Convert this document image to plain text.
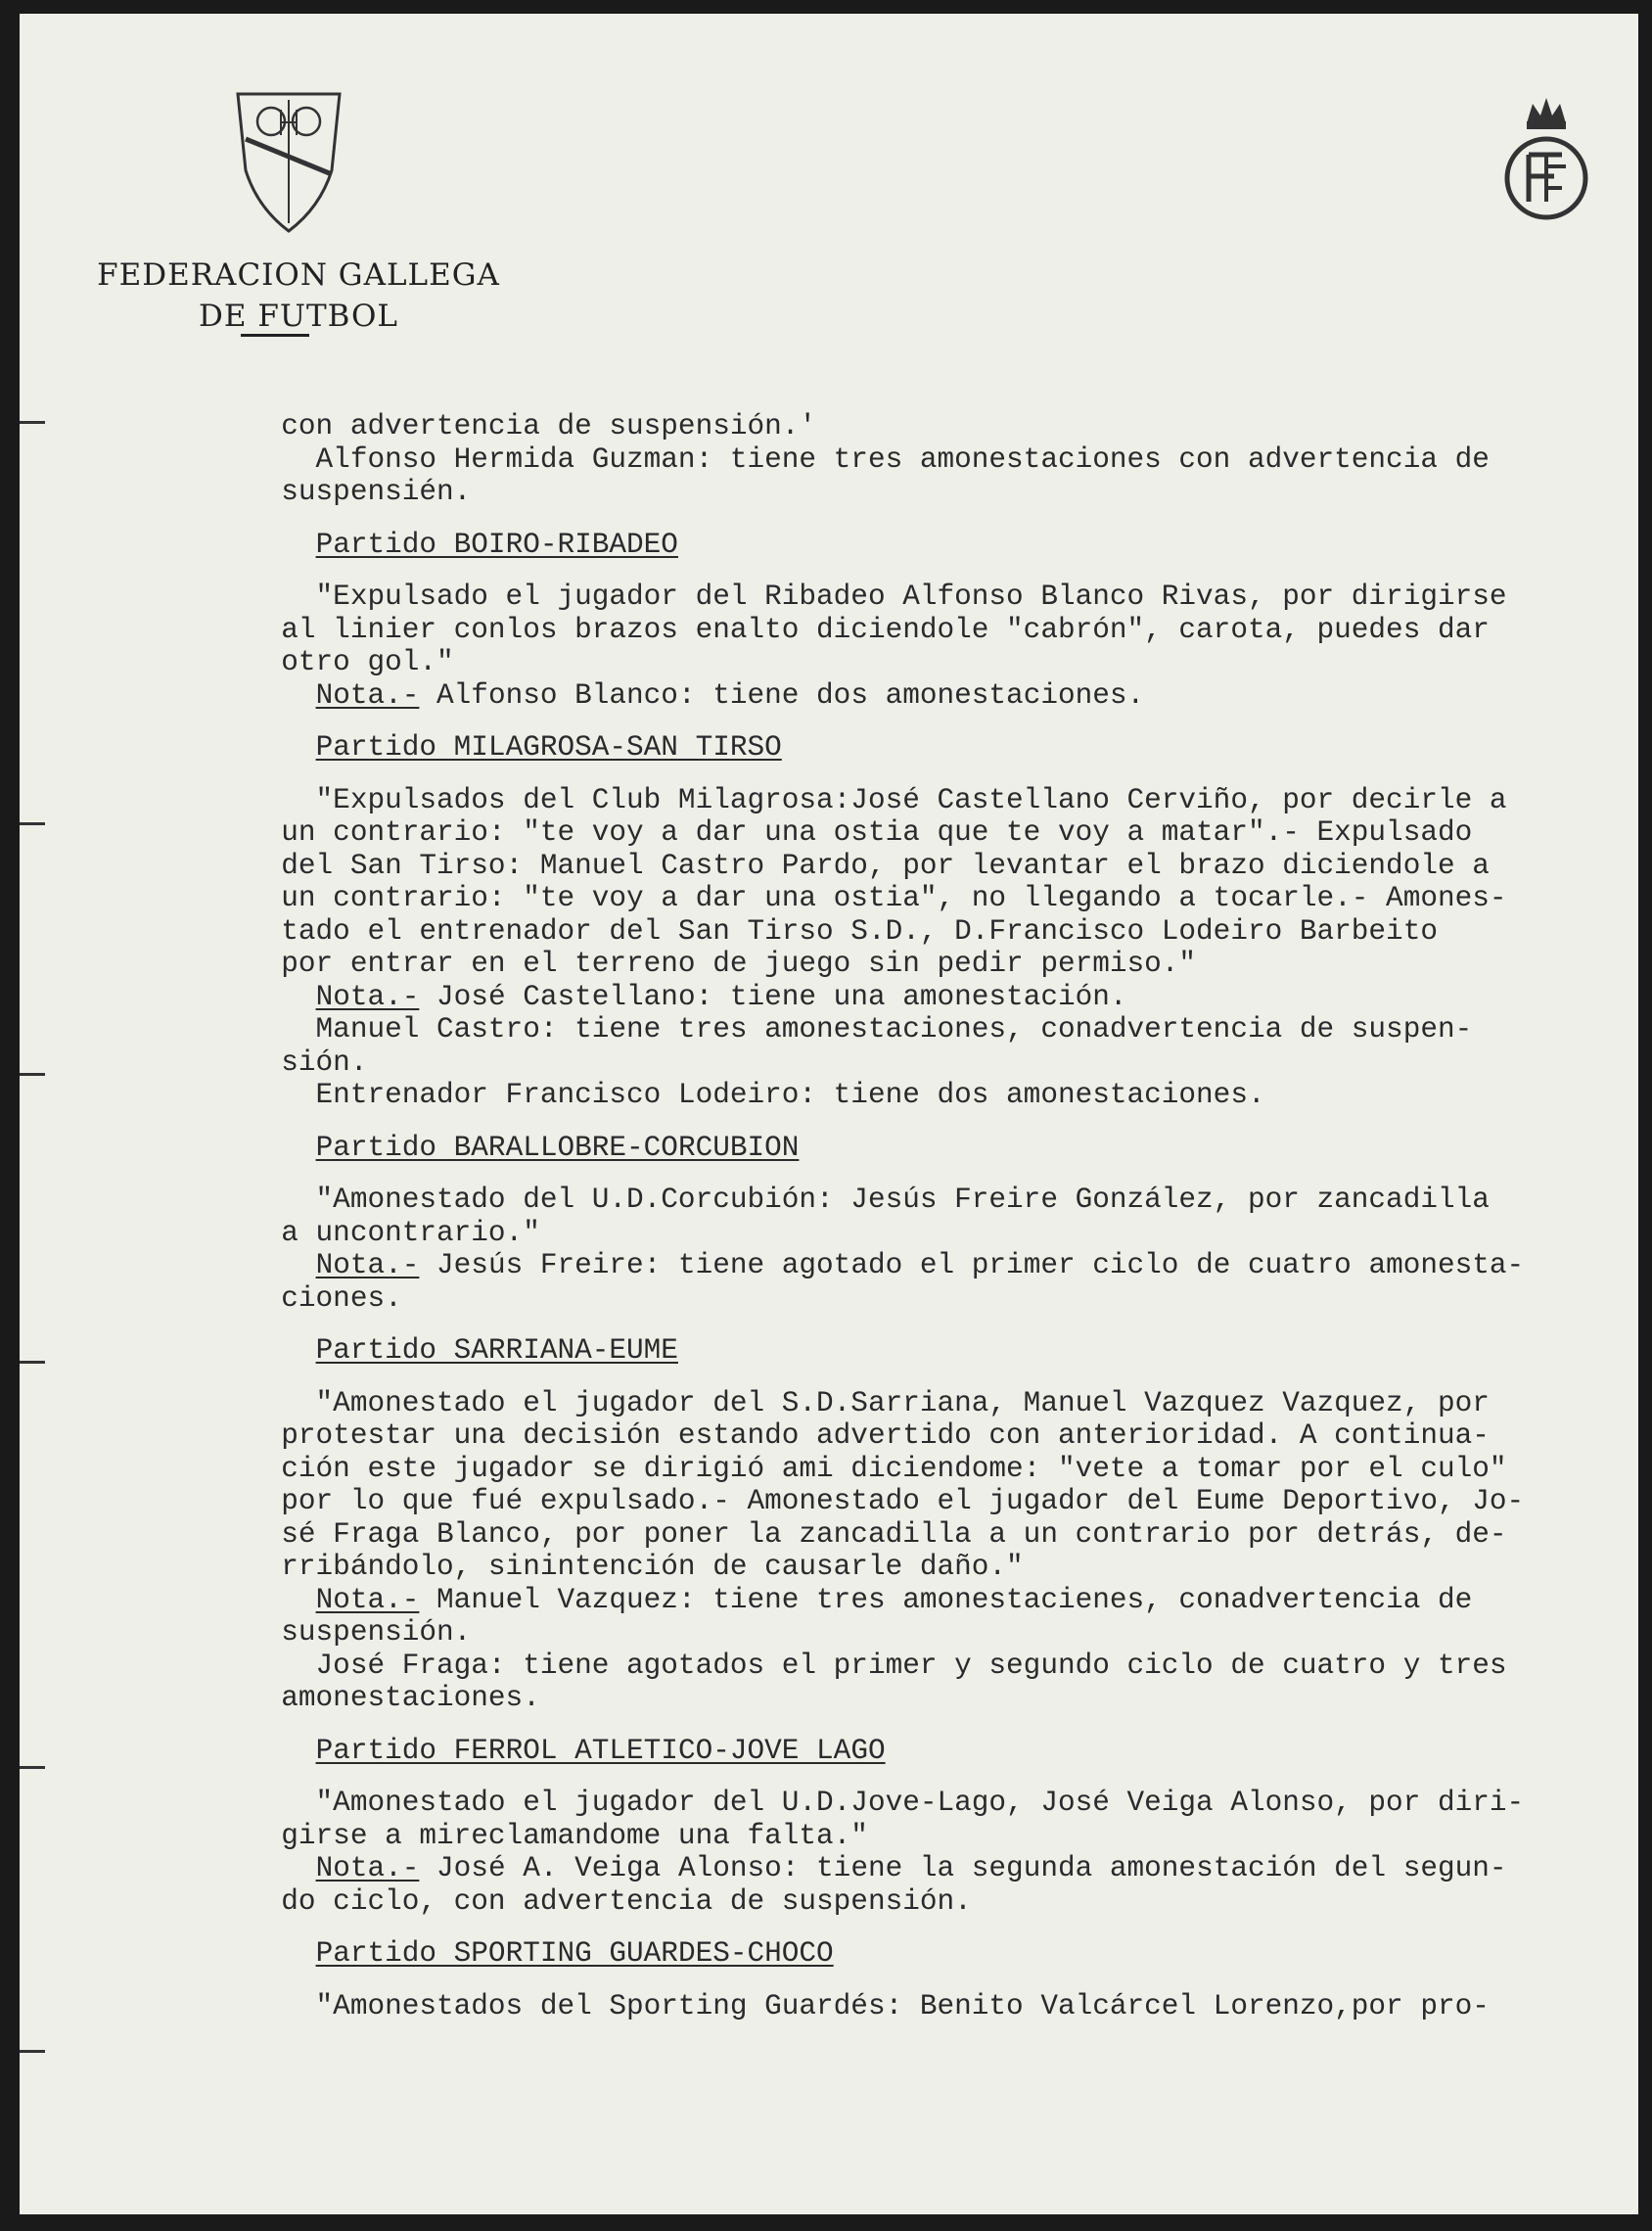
FEDERACION GALLEGA
DE FUTBOL
con advertencia de suspensión.'
Alfonso Hermida Guzman: tiene tres amonestaciones con advertencia de
suspensién.
Partido BOIRO-RIBADEO
"Expulsado el jugador del Ribadeo Alfonso Blanco Rivas, por dirigirse
al linier conlos brazos enalto diciendole "cabrón", carota, puedes dar
otro gol."
Nota.- Alfonso Blanco: tiene dos amonestaciones.
Partido MILAGROSA-SAN TIRSO
"Expulsados del Club Milagrosa:José Castellano Cerviño, por decirle a
un contrario: "te voy a dar una ostia que te voy a matar".- Expulsado
del San Tirso: Manuel Castro Pardo, por levantar el brazo diciendole a
un contrario: "te voy a dar una ostia", no llegando a tocarle.- Amones-
tado el entrenador del San Tirso S.D., D.Francisco Lodeiro Barbeito
por entrar en el terreno de juego sin pedir permiso."
Nota.- José Castellano: tiene una amonestación.
Manuel Castro: tiene tres amonestaciones, conadvertencia de suspen-
sión.
Entrenador Francisco Lodeiro: tiene dos amonestaciones.
Partido BARALLOBRE-CORCUBION
"Amonestado del U.D.Corcubión: Jesús Freire González, por zancadilla
a uncontrario."
Nota.- Jesús Freire: tiene agotado el primer ciclo de cuatro amonesta-
ciones.
Partido SARRIANA-EUME
"Amonestado el jugador del S.D.Sarriana, Manuel Vazquez Vazquez, por
protestar una decisión estando advertido con anterioridad. A continua-
ción este jugador se dirigió ami diciendome: "vete a tomar por el culo"
por lo que fué expulsado.- Amonestado el jugador del Eume Deportivo, Jo-
sé Fraga Blanco, por poner la zancadilla a un contrario por detrás, de-
rribándolo, sinintención de causarle daño."
Nota.- Manuel Vazquez: tiene tres amonestacienes, conadvertencia de
suspensión.
José Fraga: tiene agotados el primer y segundo ciclo de cuatro y tres
amonestaciones.
Partido FERROL ATLETICO-JOVE LAGO
"Amonestado el jugador del U.D.Jove-Lago, José Veiga Alonso, por diri-
girse a mireclamandome una falta."
Nota.- José A. Veiga Alonso: tiene la segunda amonestación del segun-
do ciclo, con advertencia de suspensión.
Partido SPORTING GUARDES-CHOCO
"Amonestados del Sporting Guardés: Benito Valcárcel Lorenzo,por pro-
